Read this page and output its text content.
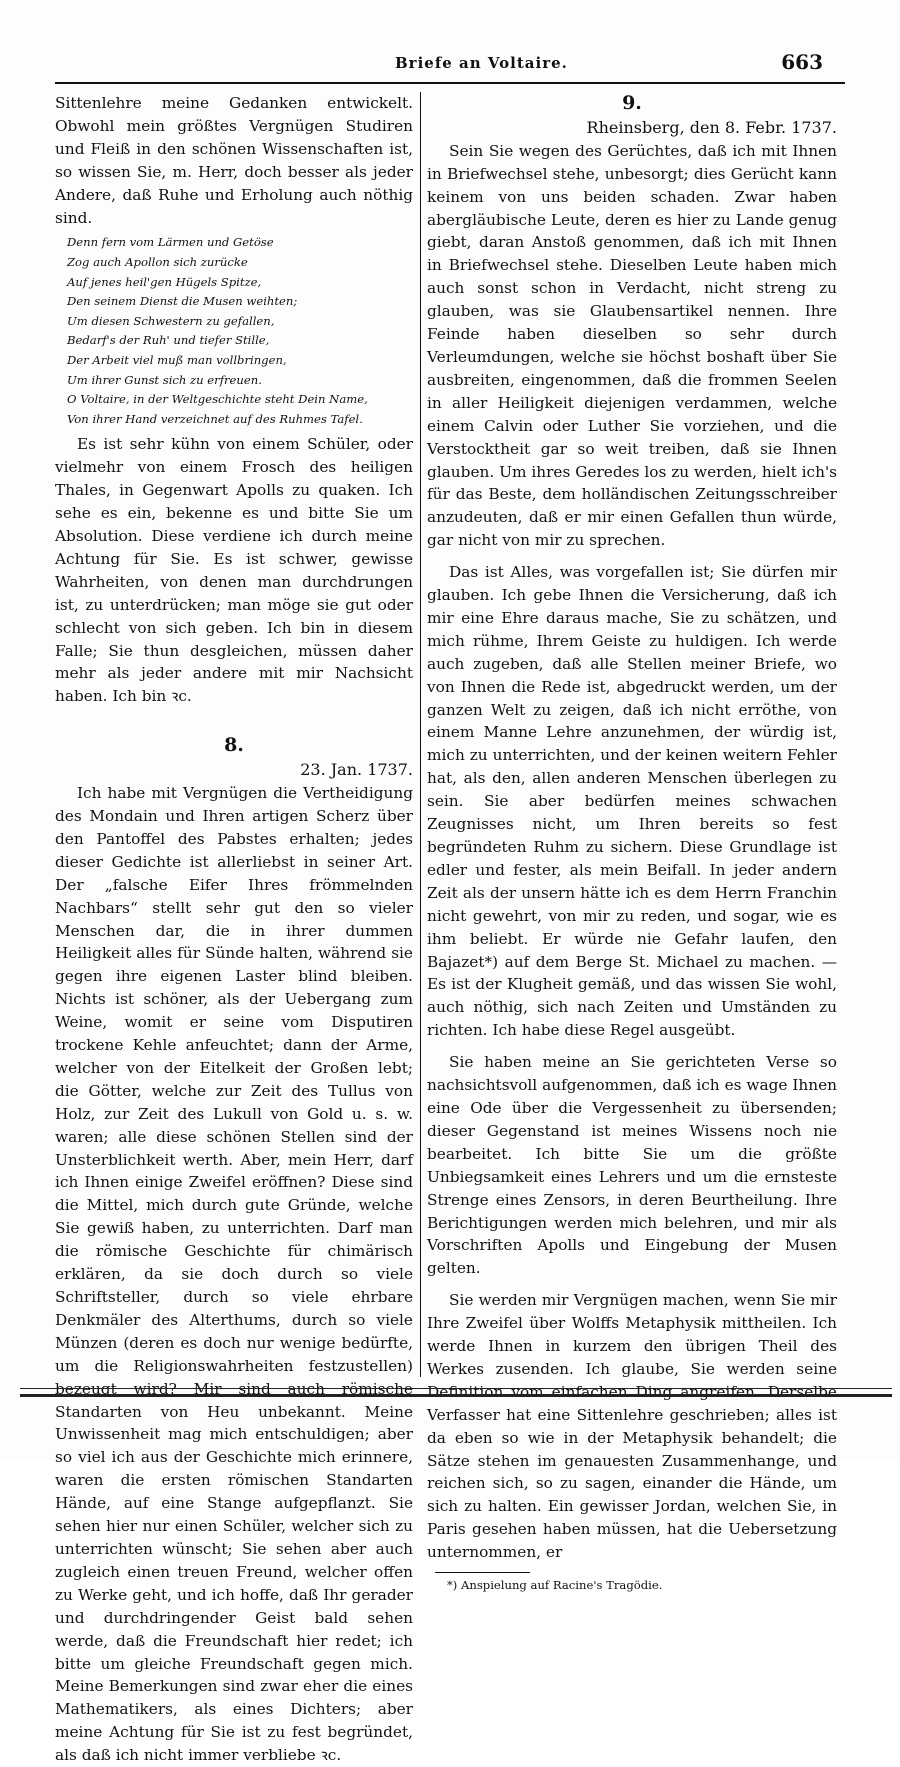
Briefe an Voltaire.	663

Sittenlehre meine Gedanken entwickelt. Obwohl mein größtes Vergnügen Studiren und Fleiß in den schönen Wissenschaften ist, so wissen Sie, m. Herr, doch besser als jeder Andere, daß Ruhe und Erholung auch nöthig sind.

Denn fern vom Lärmen und Getöse
Zog auch Apollon sich zurücke
Auf jenes heil'gen Hügels Spitze,
Den seinem Dienst die Musen weihten;
Um diesen Schwestern zu gefallen,
Bedarf's der Ruh' und tiefer Stille,
Der Arbeit viel muß man vollbringen,
Um ihrer Gunst sich zu erfreuen.
O Voltaire, in der Weltgeschichte steht Dein Name,
Von ihrer Hand verzeichnet auf des Ruhmes Tafel.

Es ist sehr kühn von einem Schüler, oder vielmehr von einem Frosch des heiligen Thales, in Gegenwart Apolls zu quaken. Ich sehe es ein, bekenne es und bitte Sie um Absolution. Diese verdiene ich durch meine Achtung für Sie. Es ist schwer, gewisse Wahrheiten, von denen man durchdrungen ist, zu unterdrücken; man möge sie gut oder schlecht von sich geben. Ich bin in diesem Falle; Sie thun desgleichen, müssen daher mehr als jeder andere mit mir Nachsicht haben. Ich bin ꝛc.

8.
23. Jan. 1737.

Ich habe mit Vergnügen die Vertheidigung des Mondain und Ihren artigen Scherz über den Pantoffel des Pabstes erhalten; jedes dieser Gedichte ist allerliebst in seiner Art. Der „falsche Eifer Ihres frömmelnden Nachbars“ stellt sehr gut den so vieler Menschen dar, die in ihrer dummen Heiligkeit alles für Sünde halten, während sie gegen ihre eigenen Laster blind bleiben. Nichts ist schöner, als der Uebergang zum Weine, womit er seine vom Disputiren trockene Kehle anfeuchtet; dann der Arme, welcher von der Eitelkeit der Großen lebt; die Götter, welche zur Zeit des Tullus von Holz, zur Zeit des Lukull von Gold u. s. w. waren; alle diese schönen Stellen sind der Unsterblichkeit werth. Aber, mein Herr, darf ich Ihnen einige Zweifel eröffnen? Diese sind die Mittel, mich durch gute Gründe, welche Sie gewiß haben, zu unterrichten. Darf man die römische Geschichte für chimärisch erklären, da sie doch durch so viele Schriftsteller, durch so viele ehrbare Denkmäler des Alterthums, durch so viele Münzen (deren es doch nur wenige bedürfte, um die Religionswahrheiten festzustellen) bezeugt wird? Mir sind auch römische Standarten von Heu unbekannt. Meine Unwissenheit mag mich entschuldigen; aber so viel ich aus der Geschichte mich erinnere, waren die ersten römischen Standarten Hände, auf eine Stange aufgepflanzt. Sie sehen hier nur einen Schüler, welcher sich zu unterrichten wünscht; Sie sehen aber auch zugleich einen treuen Freund, welcher offen zu Werke geht, und ich hoffe, daß Ihr gerader und durchdringender Geist bald sehen werde, daß die Freundschaft hier redet; ich bitte um gleiche Freundschaft gegen mich. Meine Bemerkungen sind zwar eher die eines Mathematikers, als eines Dichters; aber meine Achtung für Sie ist zu fest begründet, als daß ich nicht immer verbliebe ꝛc.

9.
Rheinsberg, den 8. Febr. 1737.

Sein Sie wegen des Gerüchtes, daß ich mit Ihnen in Briefwechsel stehe, unbesorgt; dies Gerücht kann keinem von uns beiden schaden. Zwar haben abergläubische Leute, deren es hier zu Lande genug giebt, daran Anstoß genommen, daß ich mit Ihnen in Briefwechsel stehe. Dieselben Leute haben mich auch sonst schon in Verdacht, nicht streng zu glauben, was sie Glaubensartikel nennen. Ihre Feinde haben dieselben so sehr durch Verleumdungen, welche sie höchst boshaft über Sie ausbreiten, eingenommen, daß die frommen Seelen in aller Heiligkeit diejenigen verdammen, welche einem Calvin oder Luther Sie vorziehen, und die Verstocktheit gar so weit treiben, daß sie Ihnen glauben. Um ihres Geredes los zu werden, hielt ich's für das Beste, dem holländischen Zeitungsschreiber anzudeuten, daß er mir einen Gefallen thun würde, gar nicht von mir zu sprechen.

Das ist Alles, was vorgefallen ist; Sie dürfen mir glauben. Ich gebe Ihnen die Versicherung, daß ich mir eine Ehre daraus mache, Sie zu schätzen, und mich rühme, Ihrem Geiste zu huldigen. Ich werde auch zugeben, daß alle Stellen meiner Briefe, wo von Ihnen die Rede ist, abgedruckt werden, um der ganzen Welt zu zeigen, daß ich nicht erröthe, von einem Manne Lehre anzunehmen, der würdig ist, mich zu unterrichten, und der keinen weitern Fehler hat, als den, allen anderen Menschen überlegen zu sein. Sie aber bedürfen meines schwachen Zeugnisses nicht, um Ihren bereits so fest begründeten Ruhm zu sichern. Diese Grundlage ist edler und fester, als mein Beifall. In jeder andern Zeit als der unsern hätte ich es dem Herrn Franchin nicht gewehrt, von mir zu reden, und sogar, wie es ihm beliebt. Er würde nie Gefahr laufen, den Bajazet*) auf dem Berge St. Michael zu machen. — Es ist der Klugheit gemäß, und das wissen Sie wohl, auch nöthig, sich nach Zeiten und Umständen zu richten. Ich habe diese Regel ausgeübt.

Sie haben meine an Sie gerichteten Verse so nachsichtsvoll aufgenommen, daß ich es wage Ihnen eine Ode über die Vergessenheit zu übersenden; dieser Gegenstand ist meines Wissens noch nie bearbeitet. Ich bitte Sie um die größte Unbiegsamkeit eines Lehrers und um die ernsteste Strenge eines Zensors, in deren Beurtheilung. Ihre Berichtigungen werden mich belehren, und mir als Vorschriften Apolls und Eingebung der Musen gelten.

Sie werden mir Vergnügen machen, wenn Sie mir Ihre Zweifel über Wolffs Metaphysik mittheilen. Ich werde Ihnen in kurzem den übrigen Theil des Werkes zusenden. Ich glaube, Sie werden seine Definition vom einfachen Ding angreifen. Derselbe Verfasser hat eine Sittenlehre geschrieben; alles ist da eben so wie in der Metaphysik behandelt; die Sätze stehen im genauesten Zusammenhange, und reichen sich, so zu sagen, einander die Hände, um sich zu halten. Ein gewisser Jordan, welchen Sie, in Paris gesehen haben müssen, hat die Uebersetzung unternommen, er

*) Anspielung auf Racine's Tragödie.
